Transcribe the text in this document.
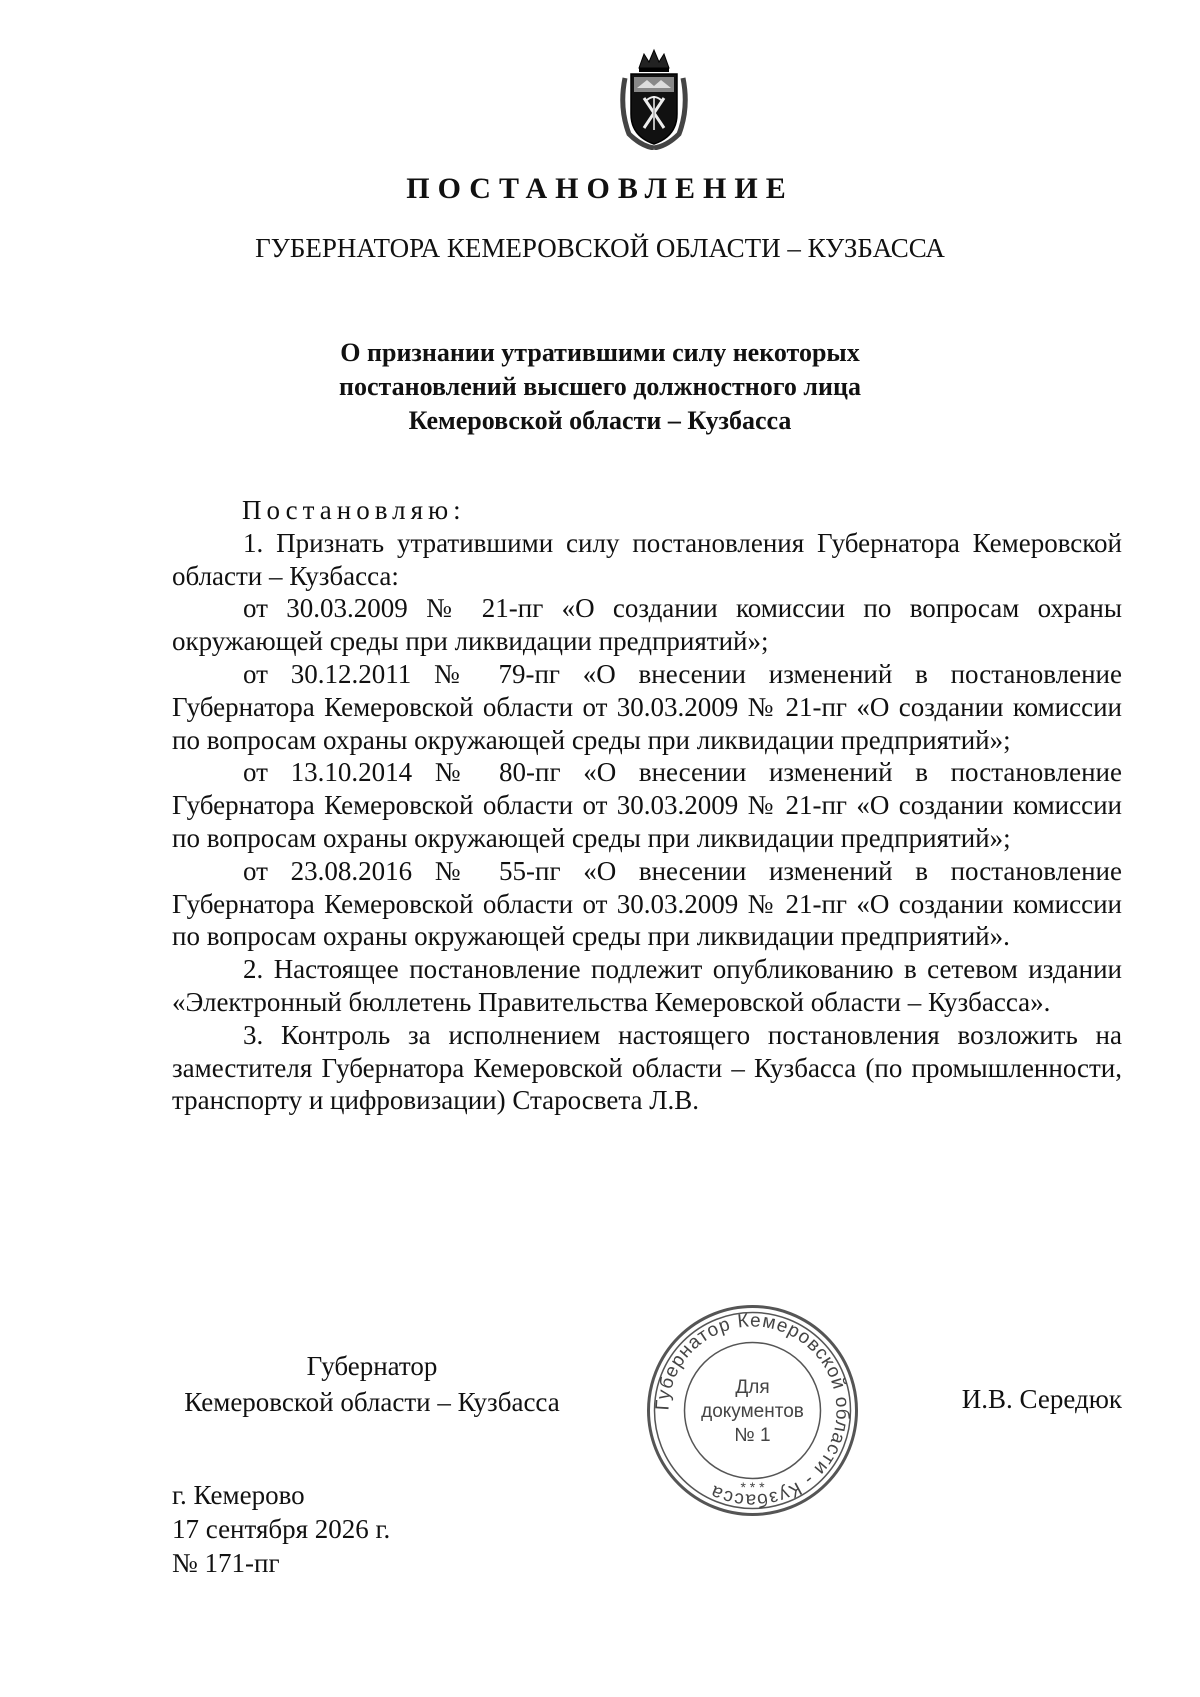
ПОСТАНОВЛЕНИЕ
ГУБЕРНАТОРА КЕМЕРОВСКОЙ ОБЛАСТИ – КУЗБАССА
О признании утратившими силу некоторых
постановлений высшего должностного лица
Кемеровской области – Кузбасса

Постановляю:

1. Признать утратившими силу постановления Губернатора Кемеровской области – Кузбасса:

от 30.03.2009 № 21-пг «О создании комиссии по вопросам охраны окружающей среды при ликвидации предприятий»;

от 30.12.2011 № 79-пг «О внесении изменений в постановление Губернатора Кемеровской области от 30.03.2009 № 21-пг «О создании комиссии по вопросам охраны окружающей среды при ликвидации предприятий»;

от 13.10.2014 № 80-пг «О внесении изменений в постановление Губернатора Кемеровской области от 30.03.2009 № 21-пг «О создании комиссии по вопросам охраны окружающей среды при ликвидации предприятий»;

от 23.08.2016 № 55-пг «О внесении изменений в постановление Губернатора Кемеровской области от 30.03.2009 № 21-пг «О создании комиссии по вопросам охраны окружающей среды при ликвидации предприятий».

2. Настоящее постановление подлежит опубликованию в сетевом издании «Электронный бюллетень Правительства Кемеровской области – Кузбасса».

3. Контроль за исполнением настоящего постановления возложить на заместителя Губернатора Кемеровской области – Кузбасса (по промышленности, транспорту и цифровизации) Старосвета Л.В.

Губернатор
Кемеровской области – Кузбасса	И.В. Середюк
Губернатор Кемеровской области - Кузбасса
Для
документов
№ 1
* * *
г. Кемерово
17 сентября 2026 г.
№ 171-пг
